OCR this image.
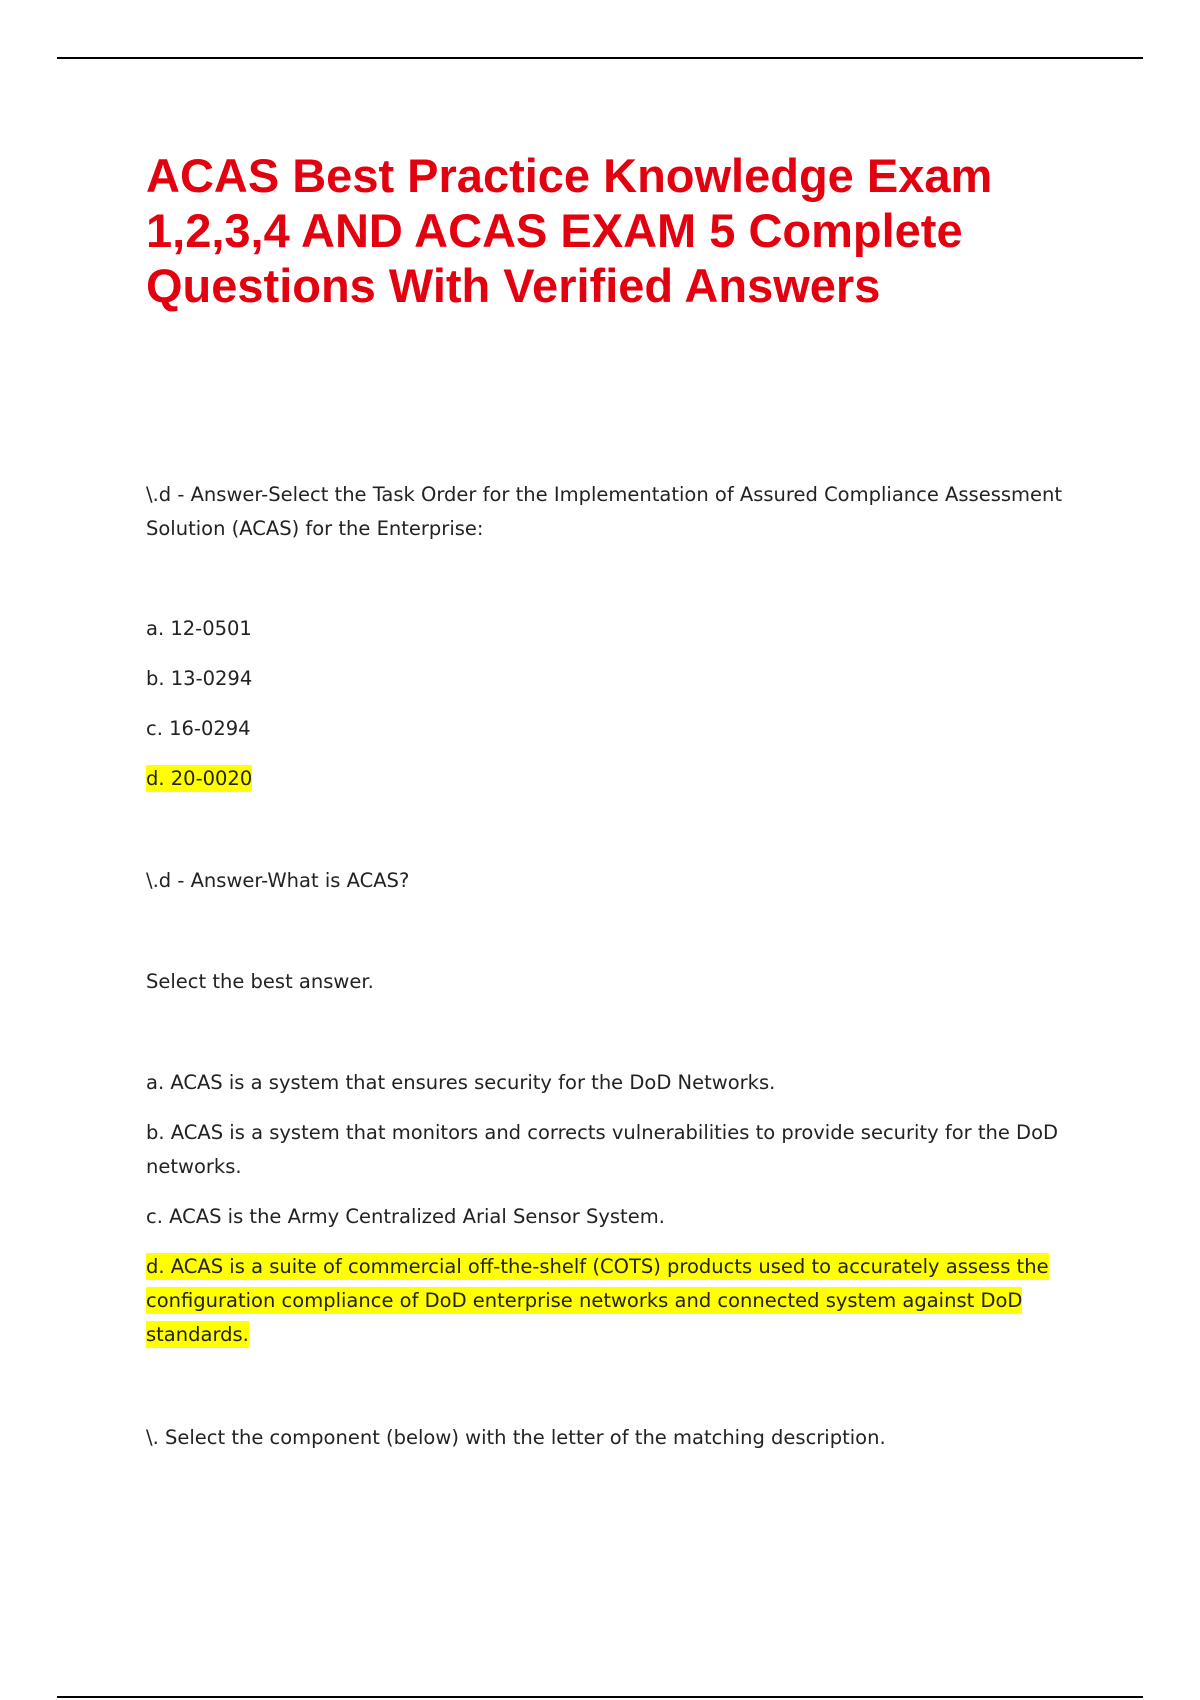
ACAS Best Practice Knowledge Exam
1,2,3,4 AND ACAS EXAM 5 Complete
Questions With Verified Answers

\.d - Answer-Select the Task Order for the Implementation of Assured Compliance Assessment Solution (ACAS) for the Enterprise:

a. 12-0501

b. 13-0294

c. 16-0294

d. 20-0020

\.d - Answer-What is ACAS?

Select the best answer.

a. ACAS is a system that ensures security for the DoD Networks.

b. ACAS is a system that monitors and corrects vulnerabilities to provide security for the DoD networks.

c. ACAS is the Army Centralized Arial Sensor System.

d. ACAS is a suite of commercial off-the-shelf (COTS) products used to accurately assess the configuration compliance of DoD enterprise networks and connected system against DoD standards.

\. Select the component (below) with the letter of the matching description.
